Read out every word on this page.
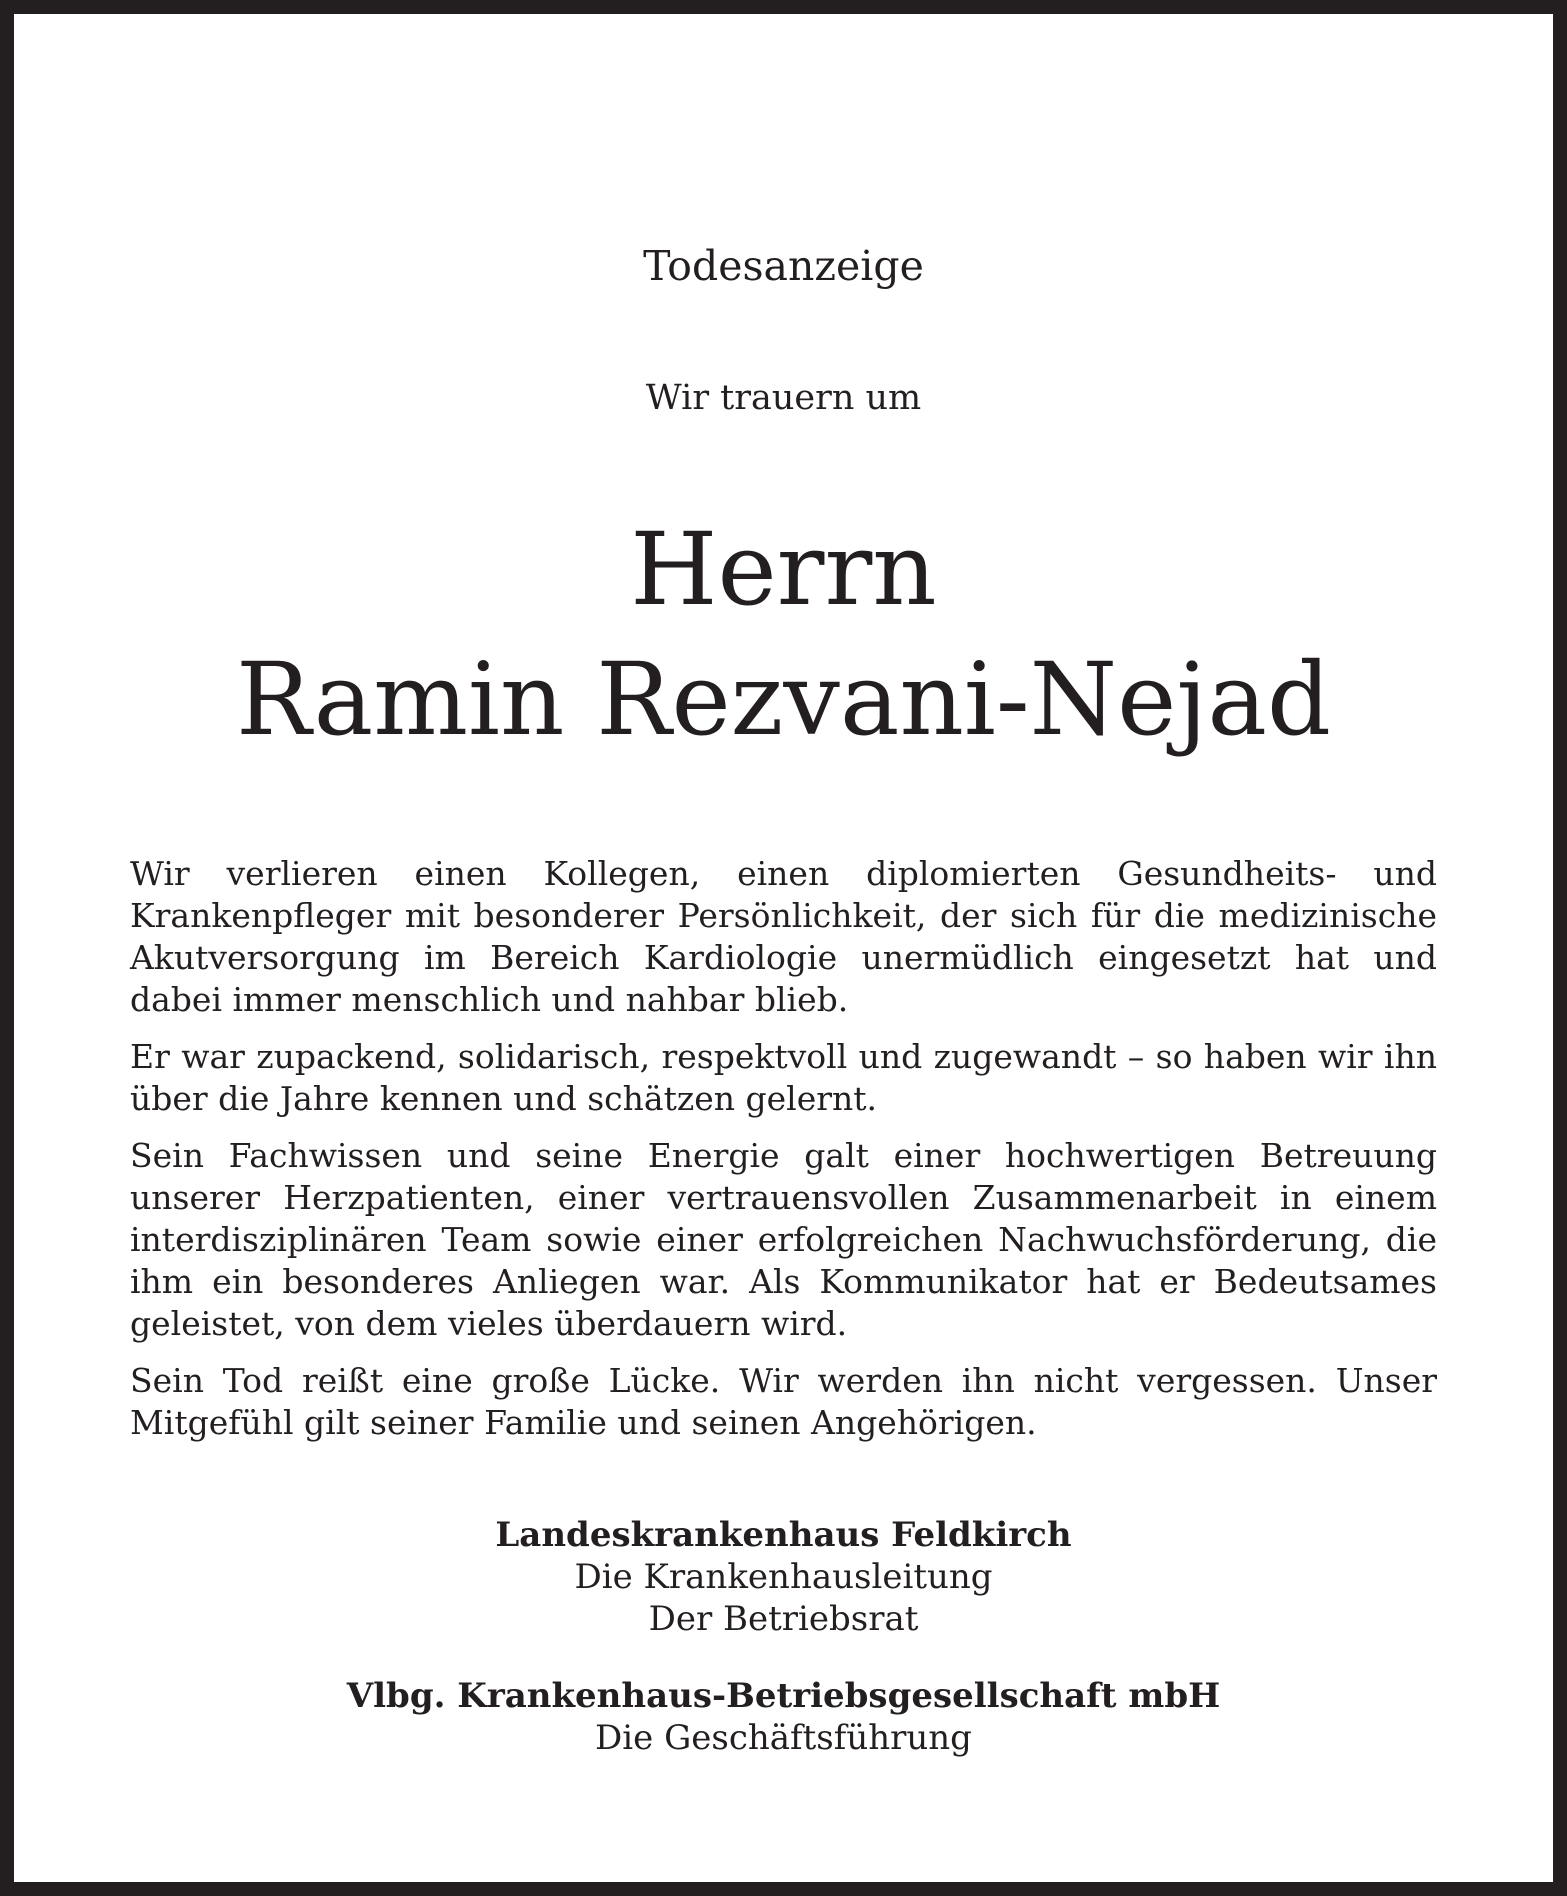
Todesanzeige

Wir trauern um

Herrn
Ramin Rezvani-Nejad

Wir verlieren einen Kollegen, einen diplomierten Gesundheits- und Krankenpfleger mit besonderer Persönlichkeit, der sich für die medizinische Akutversorgung im Bereich Kardiologie unermüdlich eingesetzt hat und dabei immer menschlich und nahbar blieb.

Er war zupackend, solidarisch, respektvoll und zugewandt – so haben wir ihn über die Jahre kennen und schätzen gelernt.

Sein Fachwissen und seine Energie galt einer hochwertigen Betreuung unserer Herzpatienten, einer vertrauensvollen Zusammenarbeit in einem interdisziplinären Team sowie einer erfolgreichen Nachwuchsförderung, die ihm ein besonderes Anliegen war. Als Kommunikator hat er Bedeutsames geleistet, von dem vieles überdauern wird.

Sein Tod reißt eine große Lücke. Wir werden ihn nicht vergessen. Unser Mitgefühl gilt seiner Familie und seinen Angehörigen.

Landeskrankenhaus Feldkirch
Die Krankenhausleitung
Der Betriebsrat
Vlbg. Krankenhaus-Betriebsgesellschaft mbH
Die Geschäftsführung
